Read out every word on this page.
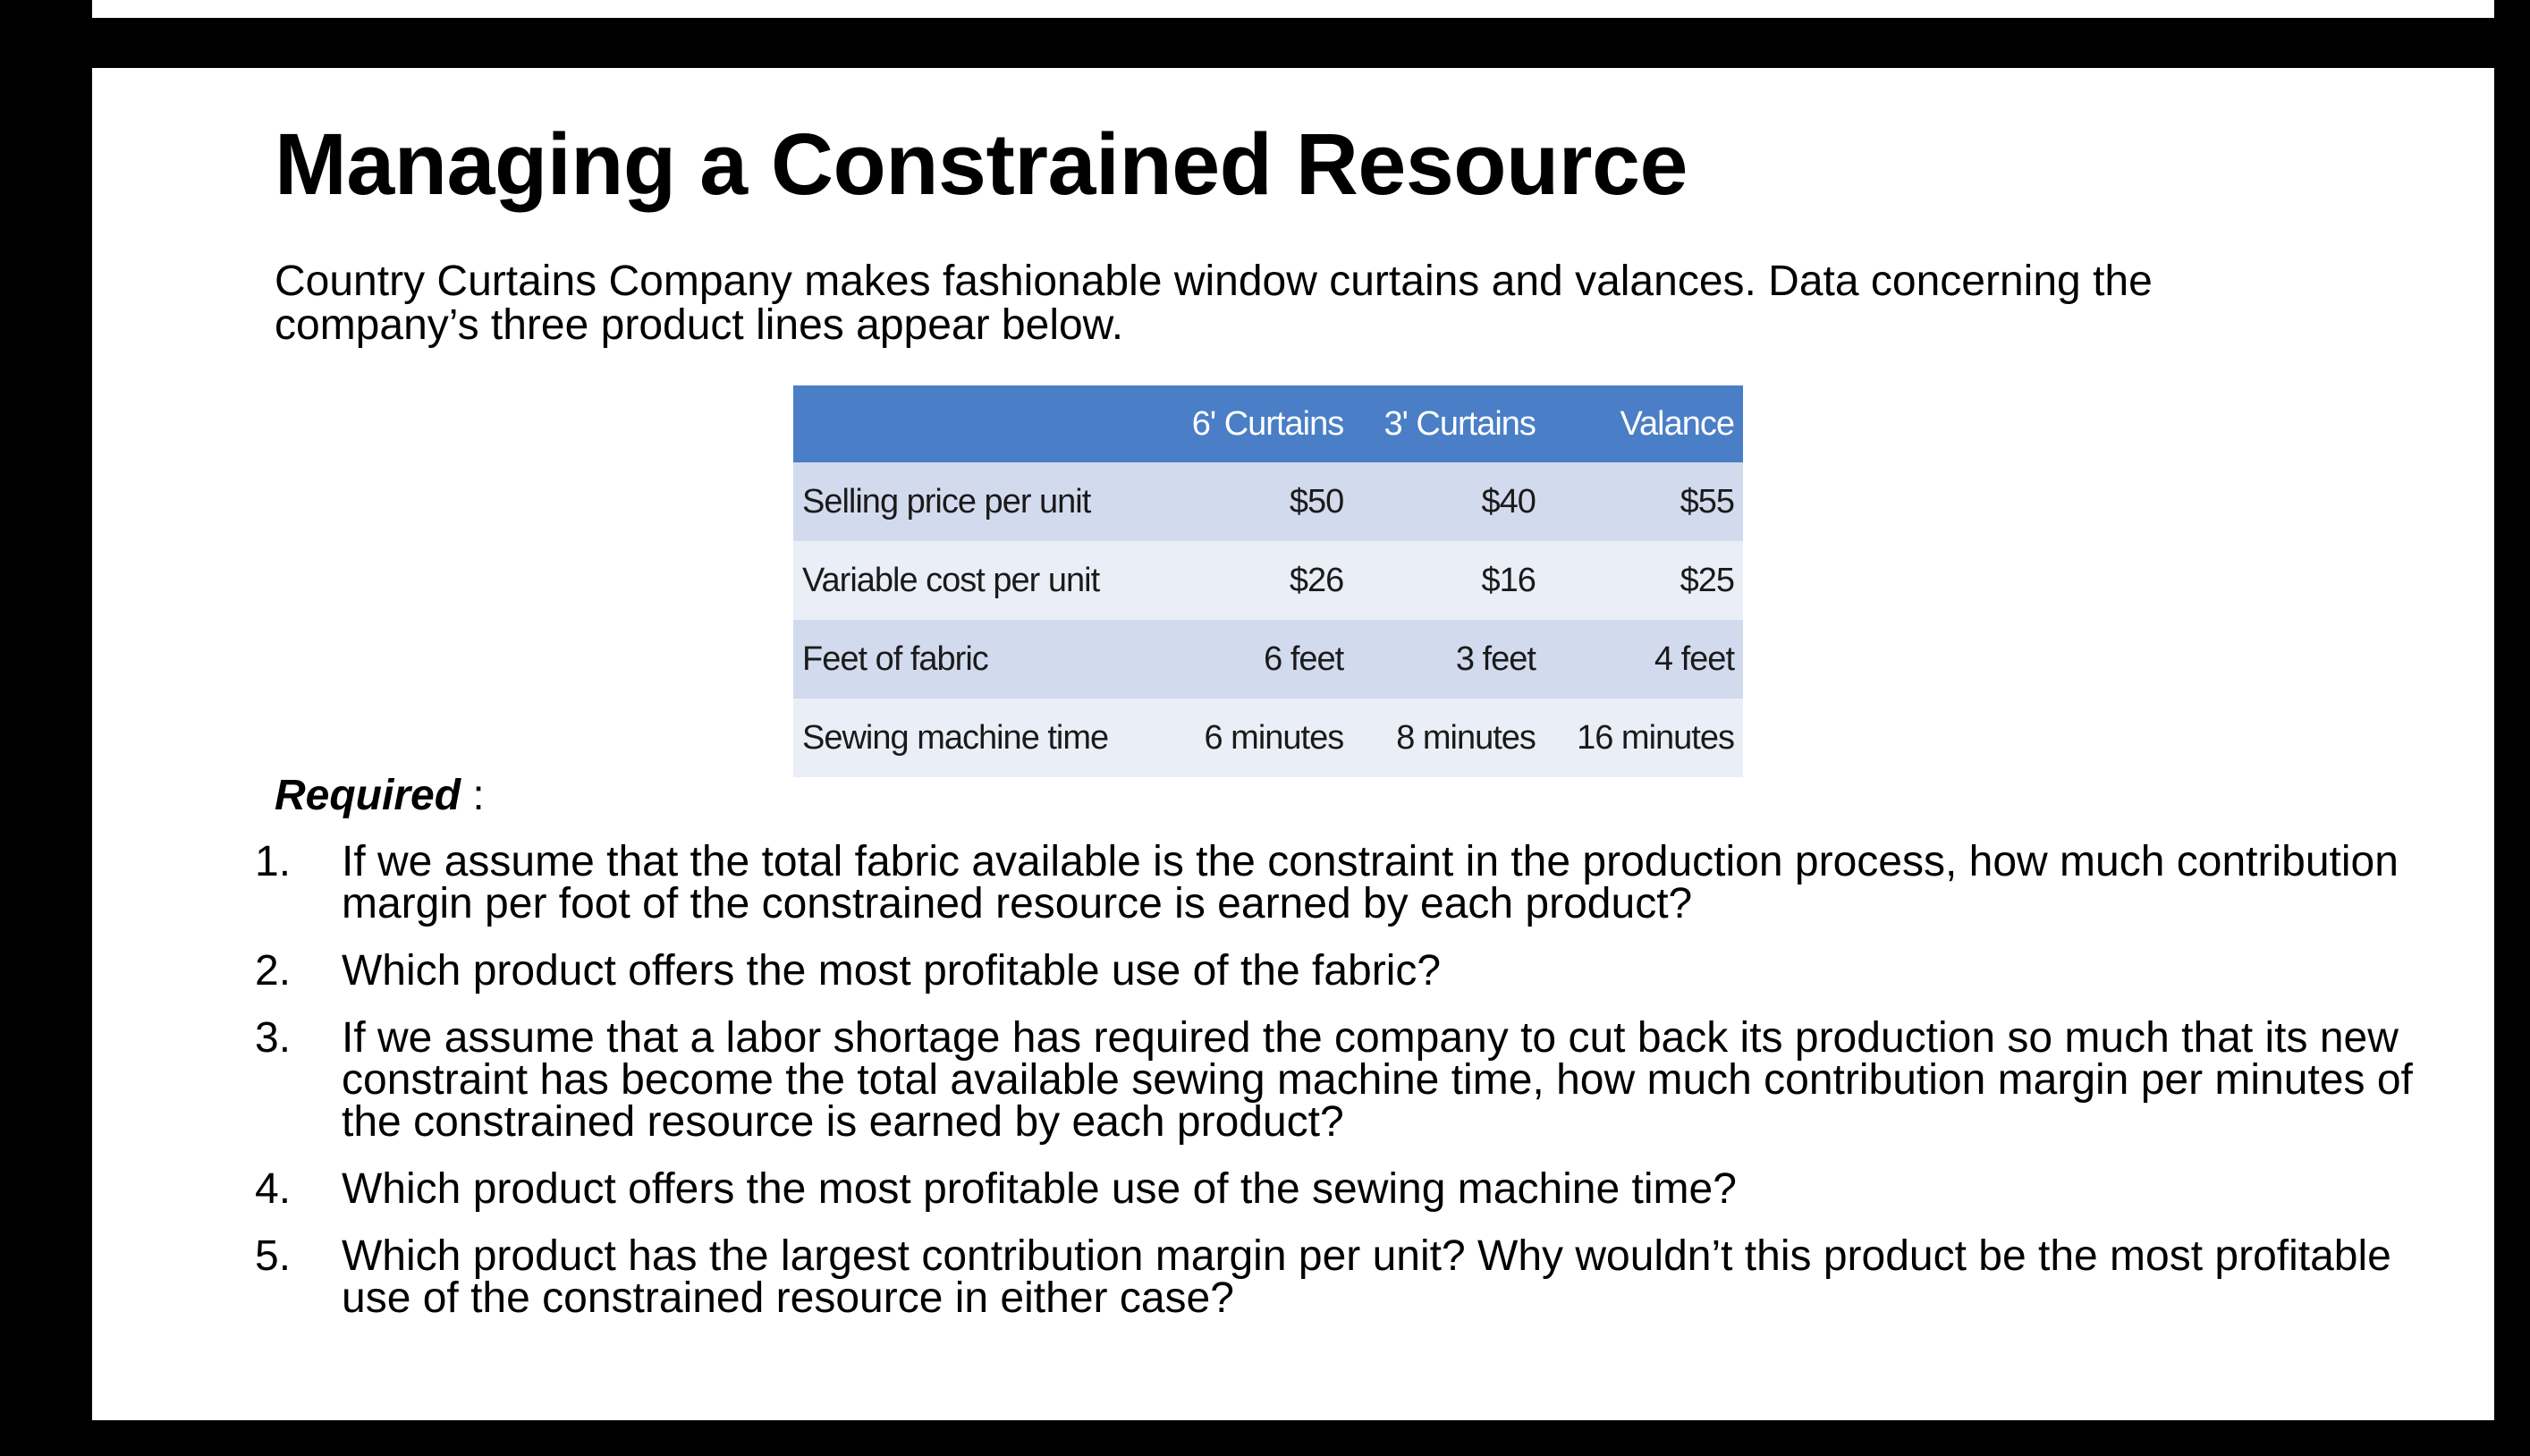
Managing a Constrained Resource

Country Curtains Company makes fashionable window curtains and valances. Data concerning the company’s three product lines appear below.

	6' Curtains	3' Curtains	Valance
Selling price per unit	$50	$40	$55
Variable cost per unit	$26	$16	$25
Feet of fabric	6 feet	3 feet	4 feet
Sewing machine time	6 minutes	8 minutes	16 minutes

Required :

1. If we assume that the total fabric available is the constraint in the production process, how much contribution margin per foot of the constrained resource is earned by each product?
2. Which product offers the most profitable use of the fabric?
3. If we assume that a labor shortage has required the company to cut back its production so much that its new constraint has become the total available sewing machine time, how much contribution margin per minutes of the constrained resource is earned by each product?
4. Which product offers the most profitable use of the sewing machine time?
5. Which product has the largest contribution margin per unit? Why wouldn’t this product be the most profitable use of the constrained resource in either case?
